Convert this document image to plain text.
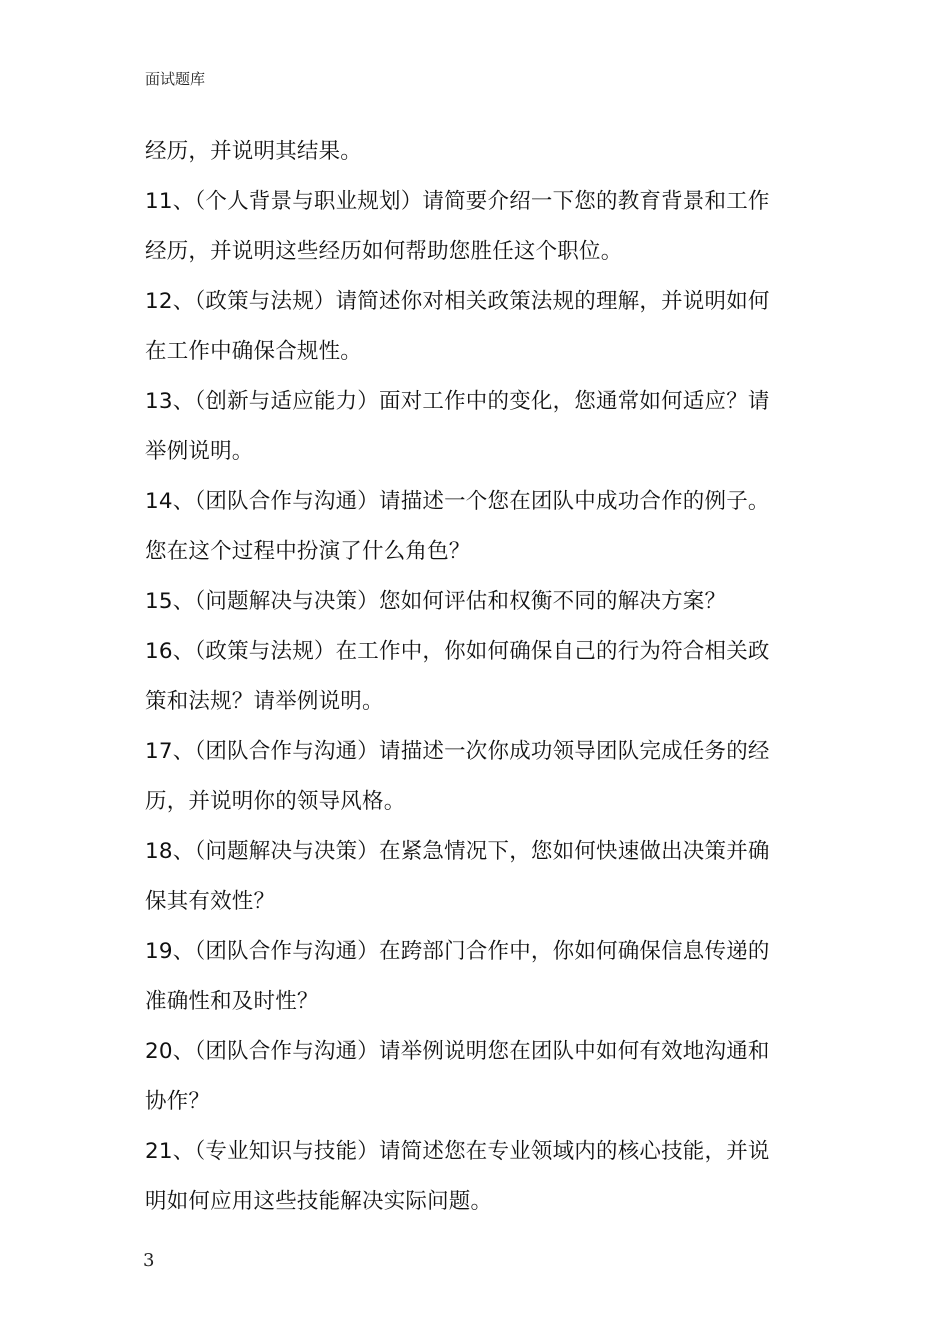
面试题库
经历，并说明其结果。
11、（个人背景与职业规划）请简要介绍一下您的教育背景和工作
经历，并说明这些经历如何帮助您胜任这个职位。
12、（政策与法规）请简述你对相关政策法规的理解，并说明如何
在工作中确保合规性。
13、（创新与适应能力）面对工作中的变化，您通常如何适应？请
举例说明。
14、（团队合作与沟通）请描述一个您在团队中成功合作的例子。
您在这个过程中扮演了什么角色？
15、（问题解决与决策）您如何评估和权衡不同的解决方案？
16、（政策与法规）在工作中，你如何确保自己的行为符合相关政
策和法规？请举例说明。
17、（团队合作与沟通）请描述一次你成功领导团队完成任务的经
历，并说明你的领导风格。
18、（问题解决与决策）在紧急情况下，您如何快速做出决策并确
保其有效性？
19、（团队合作与沟通）在跨部门合作中，你如何确保信息传递的
准确性和及时性？
20、（团队合作与沟通）请举例说明您在团队中如何有效地沟通和
协作？
21、（专业知识与技能）请简述您在专业领域内的核心技能，并说
明如何应用这些技能解决实际问题。
3
